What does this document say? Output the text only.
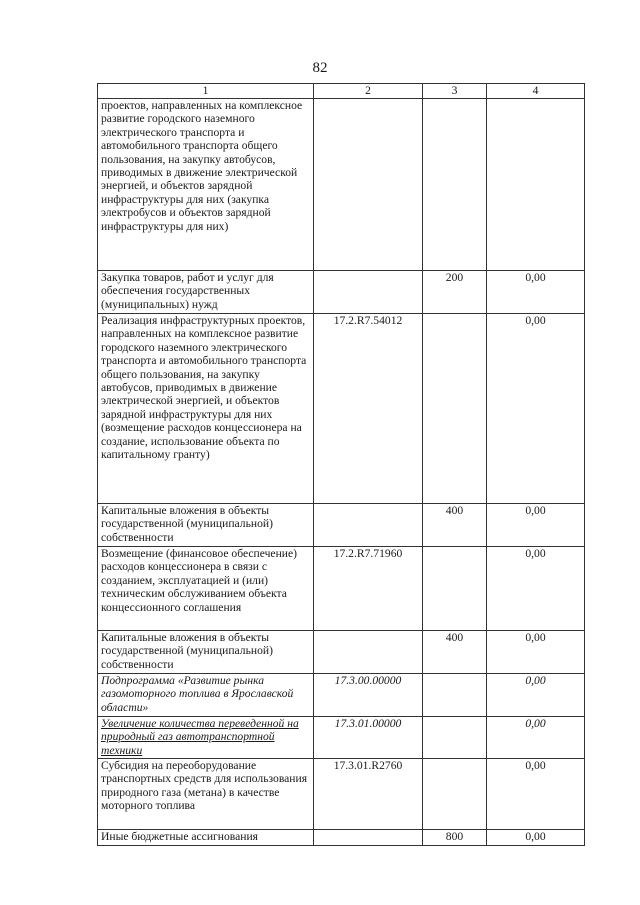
82
1	2	3	4
проектов, направленных на комплексное развитие городского наземного электрического транспорта и автомобильного транспорта общего пользования, на закупку автобусов, приводимых в движение электрической энергией, и объектов зарядной инфраструктуры для них (закупка электробусов и объектов зарядной инфраструктуры для них)			
Закупка товаров, работ и услуг для обеспечения государственных (муниципальных) нужд		200	0,00
Реализация инфраструктурных проектов, направленных на комплексное развитие городского наземного электрического транспорта и автомобильного транспорта общего пользования, на закупку автобусов, приводимых в движение электрической энергией, и объектов зарядной инфраструктуры для них (возмещение расходов концессионера на создание, использование объекта по капитальному гранту)	17.2.R7.54012		0,00
Капитальные вложения в объекты государственной (муниципальной) собственности		400	0,00
Возмещение (финансовое обеспечение) расходов концессионера в связи с созданием, эксплуатацией и (или) техническим обслуживанием объекта концессионного соглашения	17.2.R7.71960		0,00
Капитальные вложения в объекты государственной (муниципальной) собственности		400	0,00
Подпрограмма «Развитие рынка газомоторного топлива в Ярославской области»	17.3.00.00000		0,00
Увеличение количества переведенной на природный газ автотранспортной техники	17.3.01.00000		0,00
Субсидия на переоборудование транспортных средств для использования природного газа (метана) в качестве моторного топлива	17.3.01.R2760		0,00
Иные бюджетные ассигнования		800	0,00
